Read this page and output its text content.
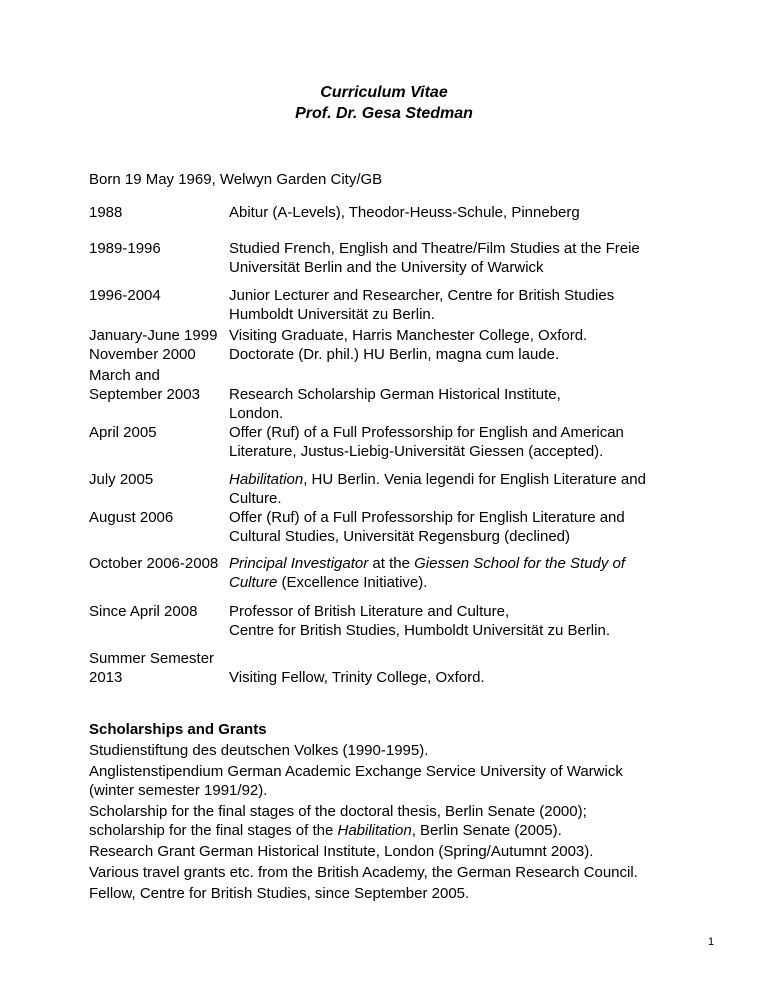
Curriculum Vitae
Prof. Dr. Gesa Stedman
Born 19 May 1969, Welwyn Garden City/GB
1988	Abitur (A-Levels), Theodor-Heuss-Schule, Pinneberg
1989-1996	Studied French, English and Theatre/Film Studies at the Freie
Universität Berlin and the University of Warwick
1996-2004	Junior Lecturer and Researcher, Centre for British Studies
Humboldt Universität zu Berlin.
January-June 1999 Visiting Graduate, Harris Manchester College, Oxford.
November 2000	Doctorate (Dr. phil.) HU Berlin, magna cum laude.
March and
September 2003	Research Scholarship German Historical Institute,
London.
April 2005	Offer (Ruf) of a Full Professorship for English and American
Literature, Justus-Liebig-Universität Giessen (accepted).
July 2005	Habilitation, HU Berlin. Venia legendi for English Literature and
Culture.
August 2006	Offer (Ruf) of a Full Professorship for English Literature and
Cultural Studies, Universität Regensburg (declined)
October 2006-2008 Principal Investigator at the Giessen School for the Study of
Culture (Excellence Initiative).
Since April 2008	Professor of British Literature and Culture,
Centre for British Studies, Humboldt Universität zu Berlin.
Summer Semester
2013	Visiting Fellow, Trinity College, Oxford.
Scholarships and Grants
Studienstiftung des deutschen Volkes (1990-1995).
Anglistenstipendium German Academic Exchange Service University of Warwick
(winter semester 1991/92).
Scholarship for the final stages of the doctoral thesis, Berlin Senate (2000);
scholarship for the final stages of the Habilitation, Berlin Senate (2005).
Research Grant German Historical Institute, London (Spring/Autumnt 2003).
Various travel grants etc. from the British Academy, the German Research Council.
Fellow, Centre for British Studies, since September 2005.
1
